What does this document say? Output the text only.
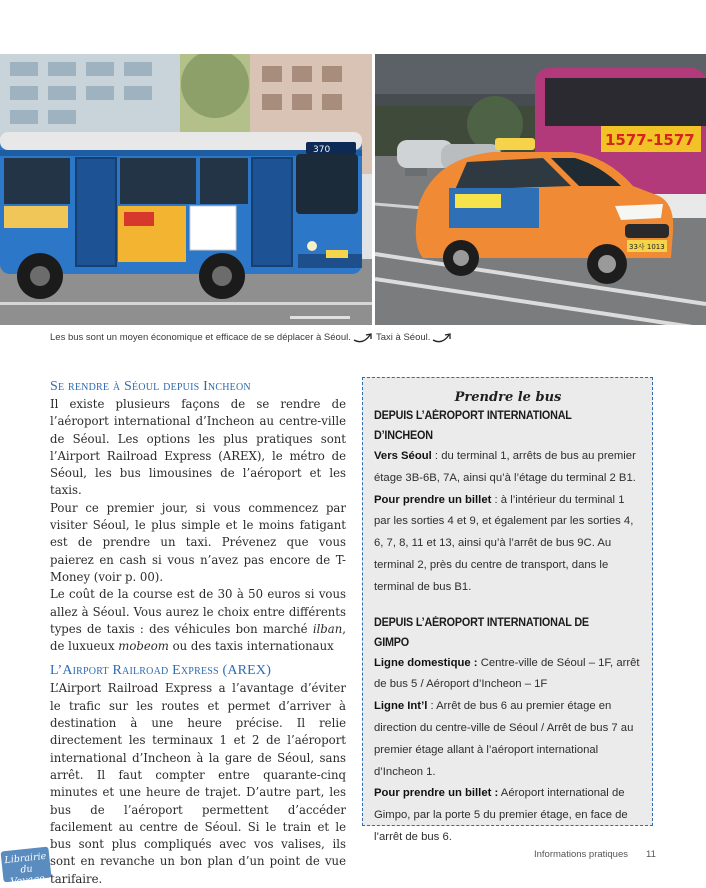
370
1577-1577
33사 1013
Les bus sont un moyen économique et efficace de se déplacer à Séoul.	Taxi à Séoul.
Se rendre à Séoul depuis Incheon

Il existe plusieurs façons de se rendre de l’aéroport international d’Incheon au centre-ville de Séoul. Les options les plus pratiques sont l’Airport Railroad Express (AREX), le métro de Séoul, les bus limousines de l’aéroport et les taxis.

Pour ce premier jour, si vous commencez par visiter Séoul, le plus simple et le moins fatigant est de prendre un taxi. Prévenez que vous paierez en cash si vous n’avez pas encore de T-Money (voir p. 00).

Le coût de la course est de 30 à 50 euros si vous allez à Séoul. Vous aurez le choix entre différents types de taxis : des véhicules bon marché ilban, de luxueux mobeom ou des taxis internationaux

L’Airport Railroad Express (AREX)

L’Airport Railroad Express a l’avantage d’éviter le trafic sur les routes et permet d’arriver à destination à une heure précise. Il relie directement les terminaux 1 et 2 de l’aéroport international d’Incheon à la gare de Séoul, sans arrêt. Il faut compter entre quarante-cinq minutes et une heure de trajet. D’autre part, les bus de l’aéroport permettent d’accéder facilement au centre de Séoul. Si le train et le bus sont plus compliqués avec vos valises, ils sont en revanche un bon plan d’un point de vue tarifaire.

Prendre le bus
DEPUIS L’AÉROPORT INTERNATIONAL D’INCHEON

Vers Séoul : du terminal 1, arrêts de bus au premier étage 3B-6B, 7A, ainsi qu’à l’étage du terminal 2 B1.

Pour prendre un billet : à l’intérieur du terminal 1 par les sorties 4 et 9, et également par les sorties 4, 6, 7, 8, 11 et 13, ainsi qu’à l’arrêt de bus 9C. Au terminal 2, près du centre de transport, dans le terminal de bus B1.

DEPUIS L’AÉROPORT INTERNATIONAL DE GIMPO

Ligne domestique : Centre-ville de Séoul – 1F, arrêt de bus 5 / Aéroport d’Incheon – 1F

Ligne Int’l : Arrêt de bus 6 au premier étage en direction du centre-ville de Séoul / Arrêt de bus 7 au premier étage allant à l’aéroport international d’Incheon 1.

Pour prendre un billet : Aéroport international de Gimpo, par la porte 5 du premier étage, en face de l’arrêt de bus 6.

Librairie
du Voyage
Informations pratiques 11
